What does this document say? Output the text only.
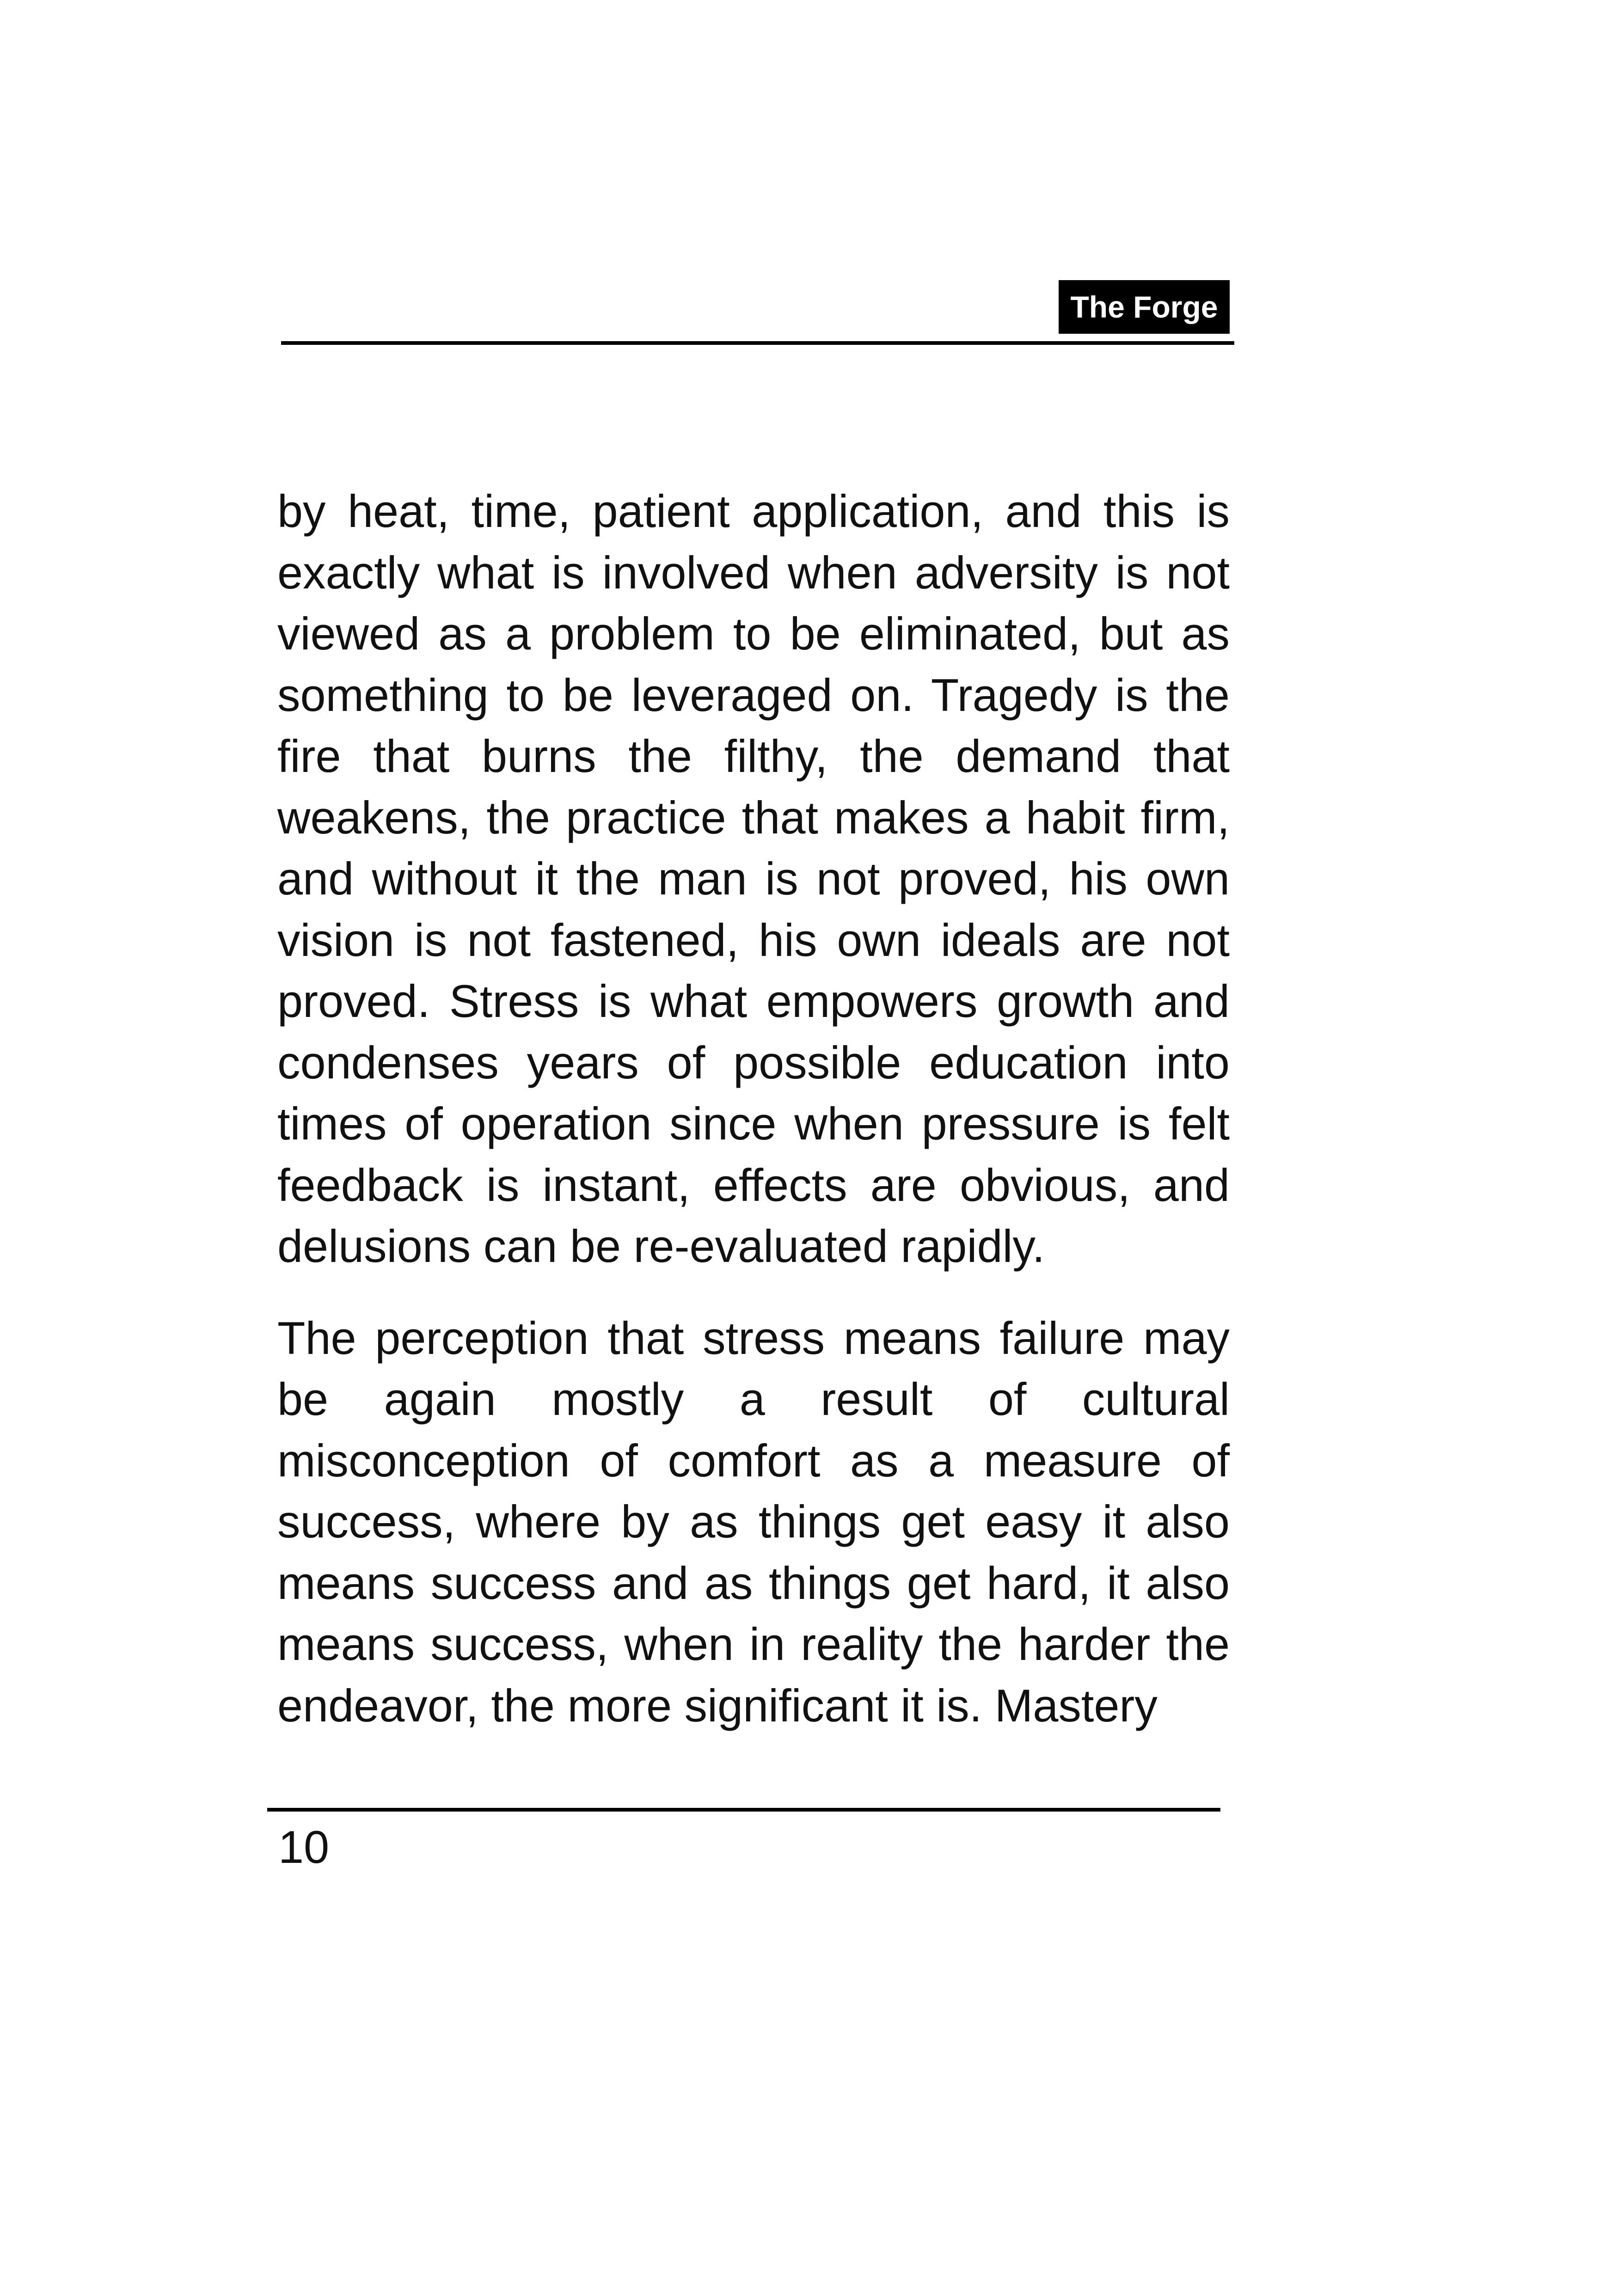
The Forge

by heat, time, patient application, and this is exactly what is involved when adversity is not viewed as a problem to be eliminated, but as something to be leveraged on. Tragedy is the fire that burns the filthy, the demand that weakens, the practice that makes a habit firm, and without it the man is not proved, his own vision is not fastened, his own ideals are not proved. Stress is what empowers growth and condenses years of possible education into times of operation since when pressure is felt feedback is instant, effects are obvious, and delusions can be re-evaluated rapidly.

The perception that stress means failure may be again mostly a result of cultural misconception of comfort as a measure of success, where by as things get easy it also means success and as things get hard, it also means success, when in reality the harder the endeavor, the more significant it is. Mastery

10
